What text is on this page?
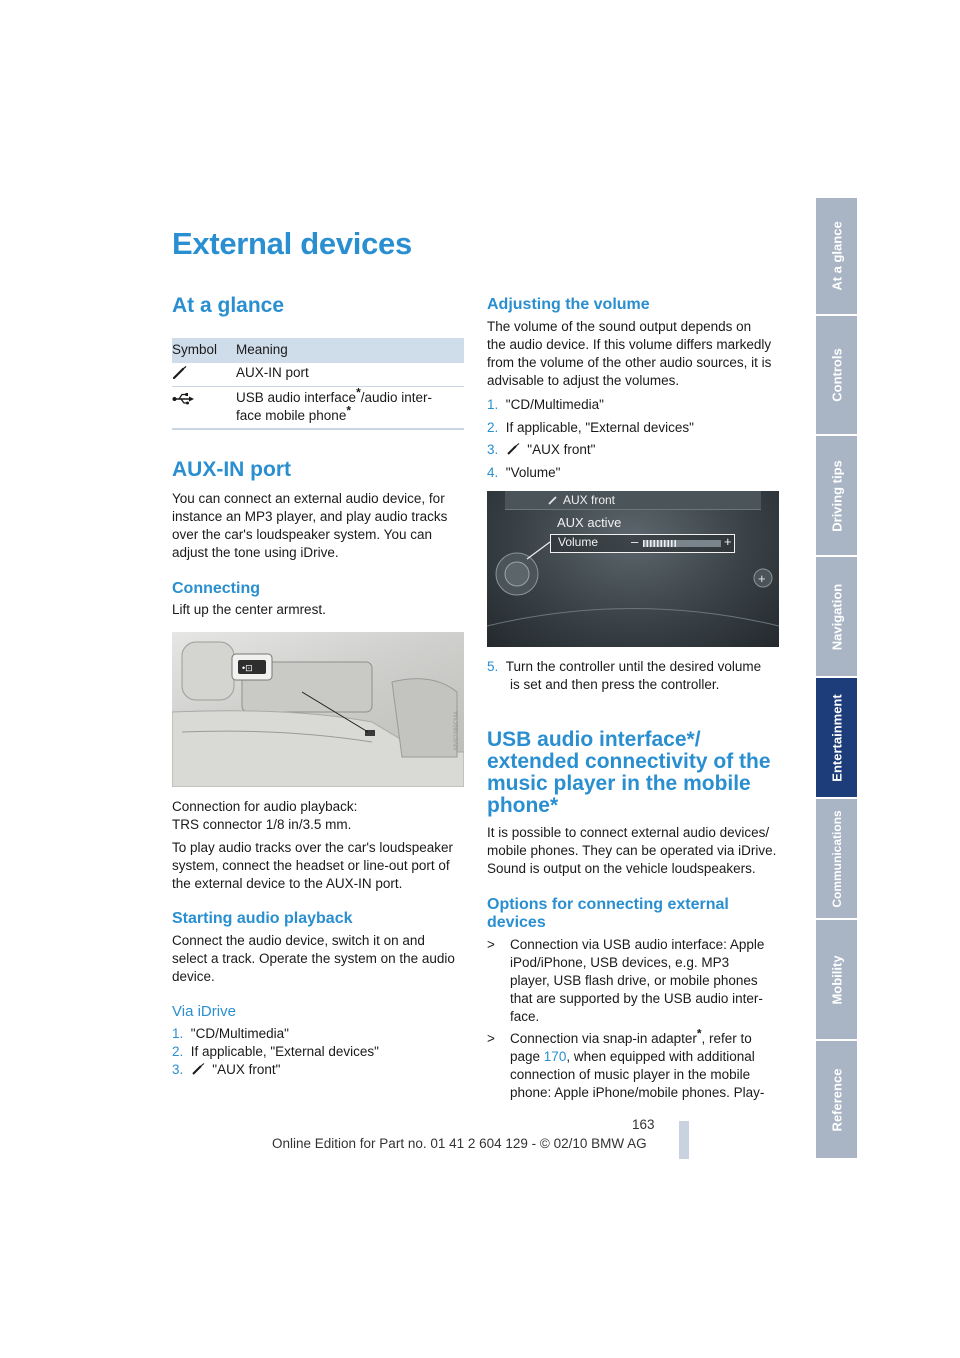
At a glance
Controls
Driving tips
Navigation
Entertainment
Communications
Mobility
Reference
External devices
At a glance
Symbol Meaning
AUX-IN port
USB audio interface*/audio inter-
face mobile phone*
AUX-IN port
You can connect an external audio device, for
instance an MP3 player, and play audio tracks
over the car's loudspeaker system. You can
adjust the tone using iDrive.
Connecting
Lift up the center armrest.
•⊡
MV07489CMA
Connection for audio playback:
TRS connector 1/8 in/3.5 mm.
To play audio tracks over the car's loudspeaker
system, connect the headset or line-out port of
the external device to the AUX-IN port.
Starting audio playback
Connect the audio device, switch it on and
select a track. Operate the system on the audio
device.
Via iDrive
1. "CD/Multimedia"
2. If applicable, "External devices"
3. "AUX front"
Adjusting the volume
The volume of the sound output depends on
the audio device. If this volume differs markedly
from the volume of the other audio sources, it is
advisable to adjust the volumes.
1. "CD/Multimedia"
2. If applicable, "External devices"
3. "AUX front"
4. "Volume"
AUX front
AUX active
Volume	–	+
+
5. Turn the controller until the desired volume
is set and then press the controller.
USB audio interface*/
extended connectivity of the
music player in the mobile
phone*
It is possible to connect external audio devices/
mobile phones. They can be operated via iDrive.
Sound is output on the vehicle loudspeakers.
Options for connecting external
devices
> Connection via USB audio interface: Apple
iPod/iPhone, USB devices, e.g. MP3
player, USB flash drive, or mobile phones
that are supported by the USB audio inter-
face.
> Connection via snap-in adapter*, refer to
page 170, when equipped with additional
connection of music player in the mobile
phone: Apple iPhone/mobile phones. Play-
163
Online Edition for Part no. 01 41 2 604 129 - © 02/10 BMW AG
